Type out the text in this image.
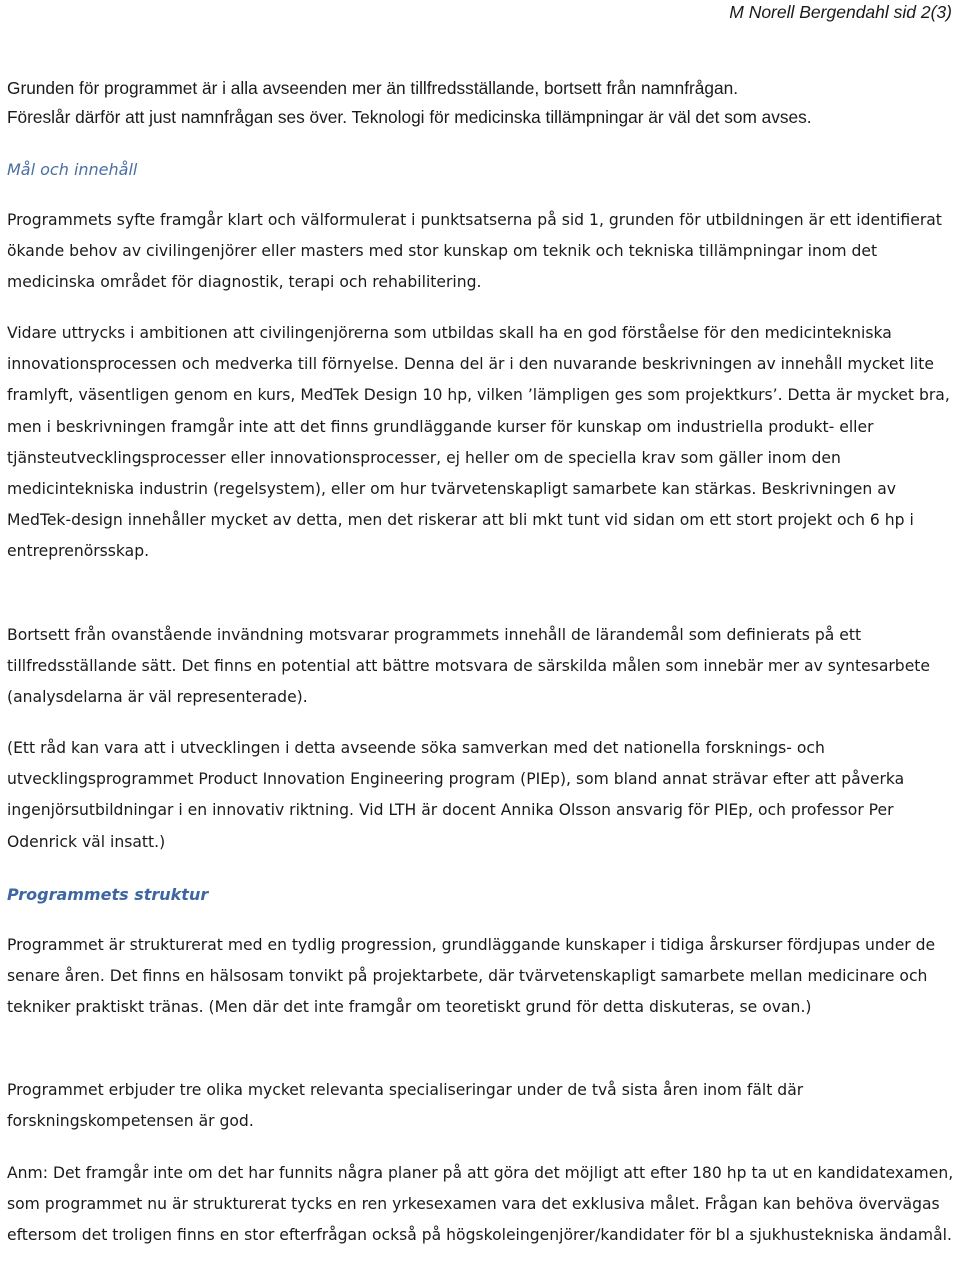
M Norell Bergendahl sid 2(3)
Grunden för programmet är i alla avseenden mer än tillfredsställande, bortsett från namnfrågan.
Föreslår därför att just namnfrågan ses över. Teknologi för medicinska tillämpningar är väl det som avses.

Mål och innehåll

Programmets syfte framgår klart och välformulerat i punktsatserna på sid 1, grunden för utbildningen är ett identifierat ökande behov av civilingenjörer eller masters med stor kunskap om teknik och tekniska tillämpningar inom det medicinska området för diagnostik, terapi och rehabilitering.

Vidare uttrycks i ambitionen att civilingenjörerna som utbildas skall ha en god förståelse för den medicintekniska innovationsprocessen och medverka till förnyelse. Denna del är i den nuvarande beskrivningen av innehåll mycket lite framlyft, väsentligen genom en kurs, MedTek Design 10 hp, vilken ’lämpligen ges som projektkurs’. Detta är mycket bra, men i beskrivningen framgår inte att det finns grundläggande kurser för kunskap om industriella produkt- eller tjänsteutvecklingsprocesser eller innovationsprocesser, ej heller om de speciella krav som gäller inom den medicintekniska industrin (regelsystem), eller om hur tvärvetenskapligt samarbete kan stärkas. Beskrivningen av MedTek-design innehåller mycket av detta, men det riskerar att bli mkt tunt vid sidan om ett stort projekt och 6 hp i entreprenörsskap.

Bortsett från ovanstående invändning motsvarar programmets innehåll de lärandemål som definierats på ett tillfredsställande sätt. Det finns en potential att bättre motsvara de särskilda målen som innebär mer av syntesarbete (analysdelarna är väl representerade).

(Ett råd kan vara att i utvecklingen i detta avseende söka samverkan med det nationella forsknings- och utvecklingsprogrammet Product Innovation Engineering program (PIEp), som bland annat strävar efter att påverka ingenjörsutbildningar i en innovativ riktning. Vid LTH är docent Annika Olsson ansvarig för PIEp, och professor Per Odenrick väl insatt.)

Programmets struktur

Programmet är strukturerat med en tydlig progression, grundläggande kunskaper i tidiga årskurser fördjupas under de senare åren. Det finns en hälsosam tonvikt på projektarbete, där tvärvetenskapligt samarbete mellan medicinare och tekniker praktiskt tränas. (Men där det inte framgår om teoretiskt grund för detta diskuteras, se ovan.)

Programmet erbjuder tre olika mycket relevanta specialiseringar under de två sista åren inom fält där forskningskompetensen är god.

Anm: Det framgår inte om det har funnits några planer på att göra det möjligt att efter 180 hp ta ut en kandidatexamen, som programmet nu är strukturerat tycks en ren yrkesexamen vara det exklusiva målet. Frågan kan behöva övervägas eftersom det troligen finns en stor efterfrågan också på högskoleingenjörer/kandidater för bl a sjukhustekniska ändamål.
